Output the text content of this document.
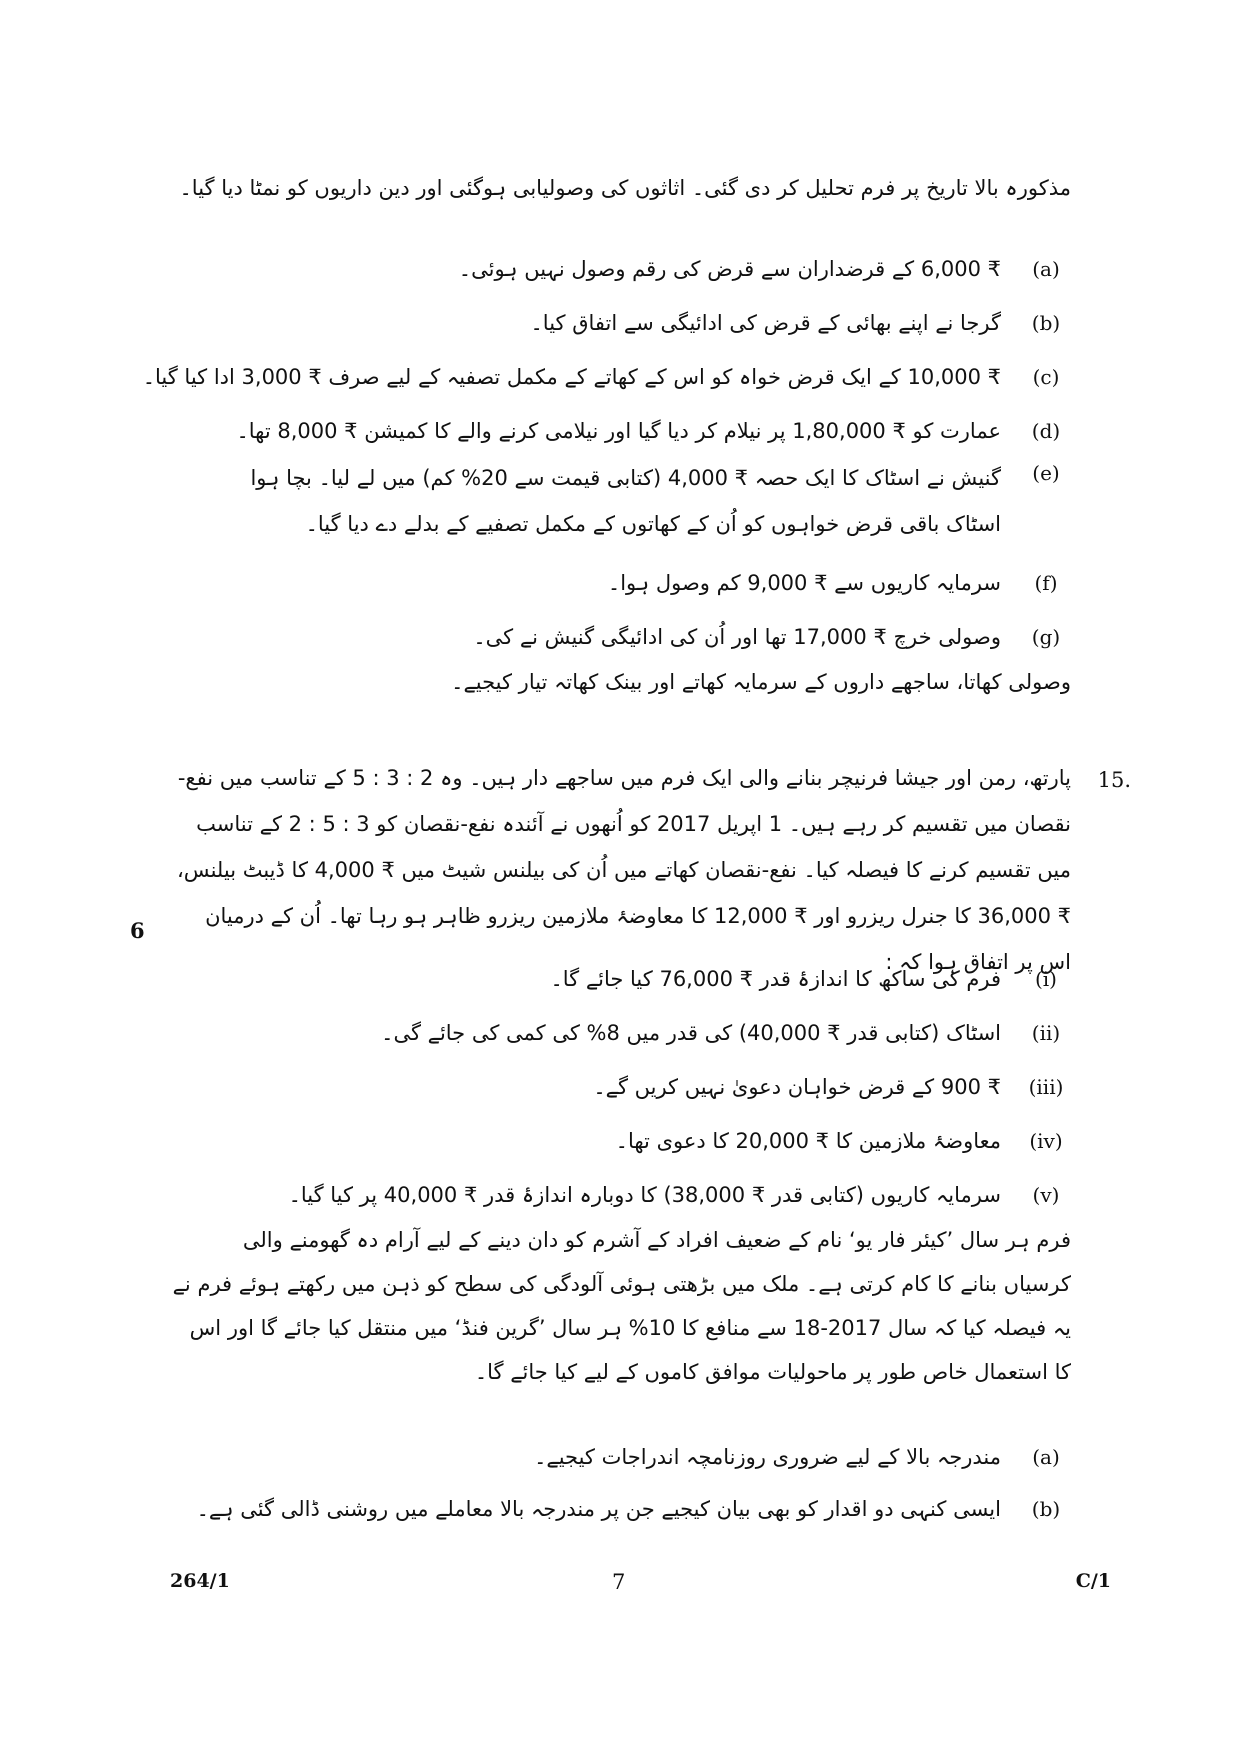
مذکورہ بالا تاریخ پر فرم تحلیل کر دی گئی۔ اثاثوں کی وصولیابی ہوگئی اور دین داریوں کو نمٹا دیا گیا۔
(a)
₹ 6,000 کے قرضداران سے قرض کی رقم وصول نہیں ہوئی۔
(b)
گرجا نے اپنے بھائی کے قرض کی ادائیگی سے اتفاق کیا۔
(c)
₹ 10,000 کے ایک قرض خواہ کو اس کے کھاتے کے مکمل تصفیہ کے لیے صرف ₹ 3,000 ادا کیا گیا۔
(d)
عمارت کو ₹ 1,80,000 پر نیلام کر دیا گیا اور نیلامی کرنے والے کا کمیشن ₹ 8,000 تھا۔
(e)
گنیش نے اسٹاک کا ایک حصہ ₹ 4,000 (کتابی قیمت سے 20% کم) میں لے لیا۔ بچا ہوا اسٹاک باقی قرض خواہوں کو اُن کے کھاتوں کے مکمل تصفیے کے بدلے دے دیا گیا۔
(f)
سرمایہ کاریوں سے ₹ 9,000 کم وصول ہوا۔
(g)
وصولی خرچ ₹ 17,000 تھا اور اُن کی ادائیگی گنیش نے کی۔
وصولی کھاتا، ساجھے داروں کے سرمایہ کھاتے اور بینک کھاتہ تیار کیجیے۔
15.
6
پارتھ، رمن اور جیشا فرنیچر بنانے والی ایک فرم میں ساجھے دار ہیں۔ وہ 2 : 3 : 5 کے تناسب میں نفع-نقصان میں تقسیم کر رہے ہیں۔ 1 اپریل 2017 کو اُنھوں نے آئندہ نفع-نقصان کو 3 : 5 : 2 کے تناسب میں تقسیم کرنے کا فیصلہ کیا۔ نفع-نقصان کھاتے میں اُن کی بیلنس شیٹ میں ₹ 4,000 کا ڈیبٹ بیلنس، ₹ 36,000 کا جنرل ریزرو اور ₹ 12,000 کا معاوضۂ ملازمین ریزرو ظاہر ہو رہا تھا۔ اُن کے درمیان اس پر اتفاق ہوا کہ :
(i)
فرم کی ساکھ کا اندازۂ قدر ₹ 76,000 کیا جائے گا۔
(ii)
اسٹاک (کتابی قدر ₹ 40,000) کی قدر میں 8% کی کمی کی جائے گی۔
(iii)
₹ 900 کے قرض خواہان دعویٰ نہیں کریں گے۔
(iv)
معاوضۂ ملازمین کا ₹ 20,000 کا دعوی تھا۔
(v)
سرمایہ کاریوں (کتابی قدر ₹ 38,000) کا دوبارہ اندازۂ قدر ₹ 40,000 پر کیا گیا۔
فرم ہر سال ’کیئر فار یو‘ نام کے ضعیف افراد کے آشرم کو دان دینے کے لیے آرام دہ گھومنے والی کرسیاں بنانے کا کام کرتی ہے۔ ملک میں بڑھتی ہوئی آلودگی کی سطح کو ذہن میں رکھتے ہوئے فرم نے یہ فیصلہ کیا کہ سال 2017-18 سے منافع کا 10% ہر سال ’گرین فنڈ‘ میں منتقل کیا جائے گا اور اس کا استعمال خاص طور پر ماحولیات موافق کاموں کے لیے کیا جائے گا۔
(a)
مندرجہ بالا کے لیے ضروری روزنامچہ اندراجات کیجیے۔
(b)
ایسی کنہی دو اقدار کو بھی بیان کیجیے جن پر مندرجہ بالا معاملے میں روشنی ڈالی گئی ہے۔
264/1	7	C/1
